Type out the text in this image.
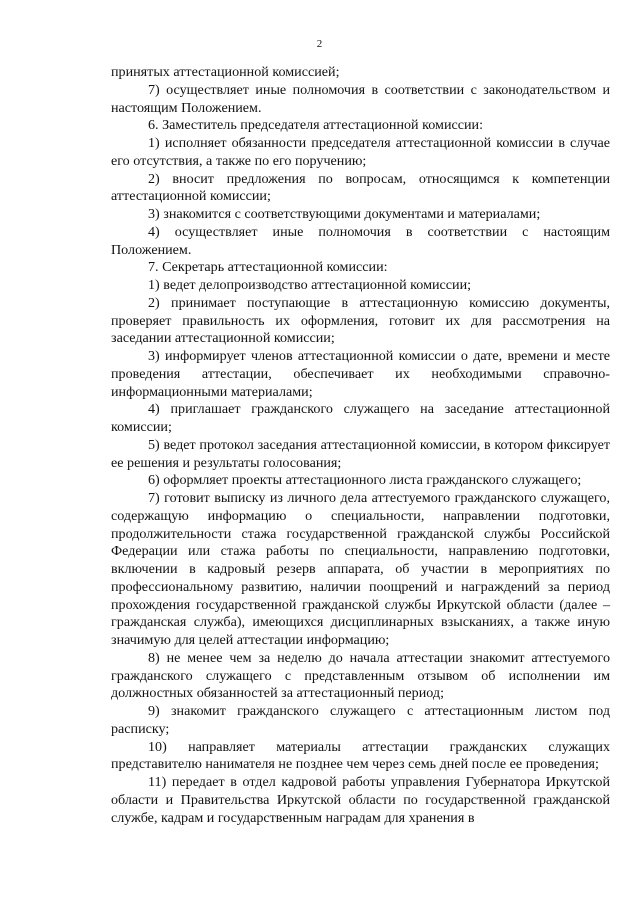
2

принятых аттестационной комиссией;

7) осуществляет иные полномочия в соответствии с законодательством и настоящим Положением.

6. Заместитель председателя аттестационной комиссии:

1) исполняет обязанности председателя аттестационной комиссии в случае его отсутствия, а также по его поручению;

2) вносит предложения по вопросам, относящимся к компетенции аттестационной комиссии;

3) знакомится с соответствующими документами и материалами;

4) осуществляет иные полномочия в соответствии с настоящим Положением.

7. Секретарь аттестационной комиссии:

1) ведет делопроизводство аттестационной комиссии;

2) принимает поступающие в аттестационную комиссию документы, проверяет правильность их оформления, готовит их для рассмотрения на заседании аттестационной комиссии;

3) информирует членов аттестационной комиссии о дате, времени и месте проведения аттестации, обеспечивает их необходимыми справочно-информационными материалами;

4) приглашает гражданского служащего на заседание аттестационной комиссии;

5) ведет протокол заседания аттестационной комиссии, в котором фиксирует ее решения и результаты голосования;

6) оформляет проекты аттестационного листа гражданского служащего;

7) готовит выписку из личного дела аттестуемого гражданского служащего, содержащую информацию о специальности, направлении подготовки, продолжительности стажа государственной гражданской службы Российской Федерации или стажа работы по специальности, направлению подготовки, включении в кадровый резерв аппарата, об участии в мероприятиях по профессиональному развитию, наличии поощрений и награждений за период прохождения государственной гражданской службы Иркутской области (далее – гражданская служба), имеющихся дисциплинарных взысканиях, а также иную значимую для целей аттестации информацию;

8) не менее чем за неделю до начала аттестации знакомит аттестуемого гражданского служащего с представленным отзывом об исполнении им должностных обязанностей за аттестационный период;

9) знакомит гражданского служащего с аттестационным листом под расписку;

10) направляет материалы аттестации гражданских служащих представителю нанимателя не позднее чем через семь дней после ее проведения;

11) передает в отдел кадровой работы управления Губернатора Иркутской области и Правительства Иркутской области по государственной гражданской службе, кадрам и государственным наградам для хранения в
